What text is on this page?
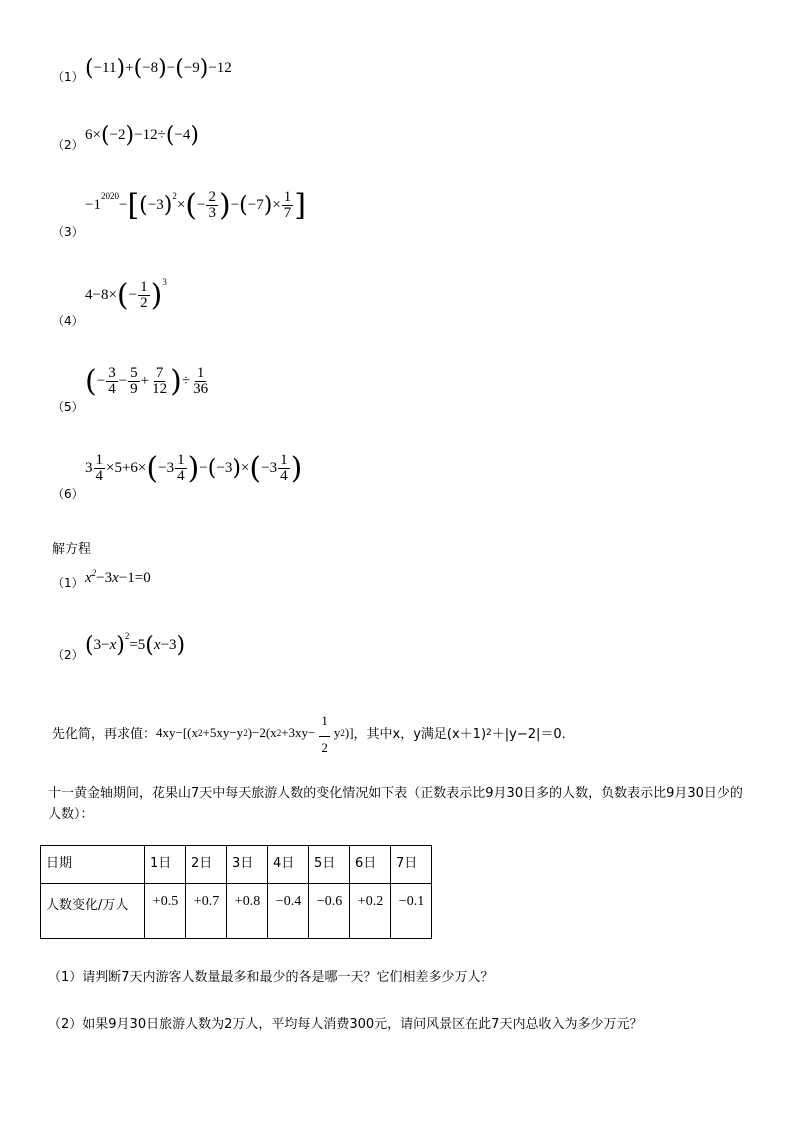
（1） ( −11 ) + ( −8 ) − ( −9 ) −12
（2）
6× ( −2 ) −12÷ ( −4 )
（3）
−1
$^{2020}$
− [ ( −3 )$^2$
× ( − $\frac{2}{3}$ ) − ( −7 ) × $\frac{1}{7}$ ]
（4）
4−8× ( − $\frac{1}{2} )^3$
（5）
( − $\frac{3}{4} - \frac{5}{9} + \frac{7}{12}$ ) ÷ $\frac{1}{36}$
（6）
$3 \frac{1}{4} \times 5+6\times$ ( $-3 \frac{1}{4}$ ) − ( −3 ) × ( $-3 \frac{1}{4}$ )
解方程
（1） $x^2-3x-1=0$
（2） ( 3− x )$^2$
=5 ( x −3 )
先化简，再求值： 4xy−[(x 2 +5xy−y 2 )−2(x $2 +3xy- \frac{1}{2}$ y 2 )] ，其中x，y满足(x＋1) 2 ＋|y−2|＝0．
十一黄金轴期间，花果山7天中每天旅游人数的变化情况如下表（正数表示比9月30日多的人数，负数表示比9月30日少的人数）：
日期	1日	2日	3日	4日	5日	6日	7日
人数变化/万人	+0.5	+0.7	+0.8	−0.4	−0.6	+0.2	−0.1
（1）请判断7天内游客人数量最多和最少的各是哪一天？它们相差多少万人？
（2）如果9月30日旅游人数为2万人，平均每人消费300元，请问风景区在此7天内总收入为多少万元？
